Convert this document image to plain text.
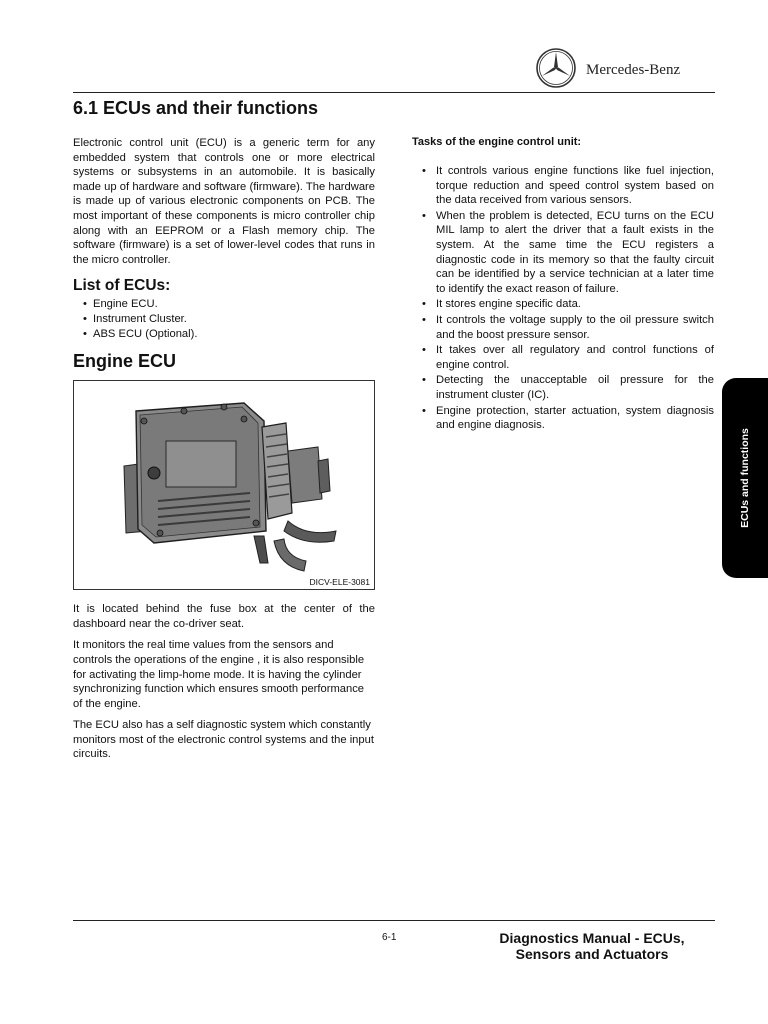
Mercedes-Benz
6.1 ECUs and their functions

Electronic control unit (ECU) is a generic term for any embedded system that controls one or more electrical systems or subsystems in an automobile. It is basically made up of hardware and software (firmware). The hardware is made up of various electronic components on PCB. The most important of these components is micro controller chip along with an EEPROM or a Flash memory chip. The software (firmware) is a set of lower-level codes that runs in the micro controller.

List of ECUs:
• Engine ECU.
• Instrument Cluster.
• ABS ECU (Optional).
Engine ECU
DICV-ELE-3081

It is located behind the fuse box at the center of the dashboard near the co-driver seat.

It monitors the real time values from the sensors and controls the operations of the engine , it is also responsible for activating the limp-home mode. It is having the cylinder synchronizing function which ensures smooth performance of the engine.

The ECU also has a self diagnostic system which constantly monitors most of the electronic control systems and the input circuits.

Tasks of the engine control unit:
• It controls various engine functions like fuel injection, torque reduction and speed control system based on the data received from various sensors.
• When the problem is detected, ECU turns on the ECU MIL lamp to alert the driver that a fault exists in the system. At the same time the ECU registers a diagnostic code in its memory so that the faulty circuit can be identified by a service technician at a later time to identify the exact reason of failure.
• It stores engine specific data.
• It controls the voltage supply to the oil pressure switch and the boost pressure sensor.
• It takes over all regulatory and control functions of engine control.
• Detecting the unacceptable oil pressure for the instrument cluster (IC).
• Engine protection, starter actuation, system diagnosis and engine diagnosis.
ECUs and functions
6-1	Diagnostics Manual - ECUs,
Sensors and Actuators
